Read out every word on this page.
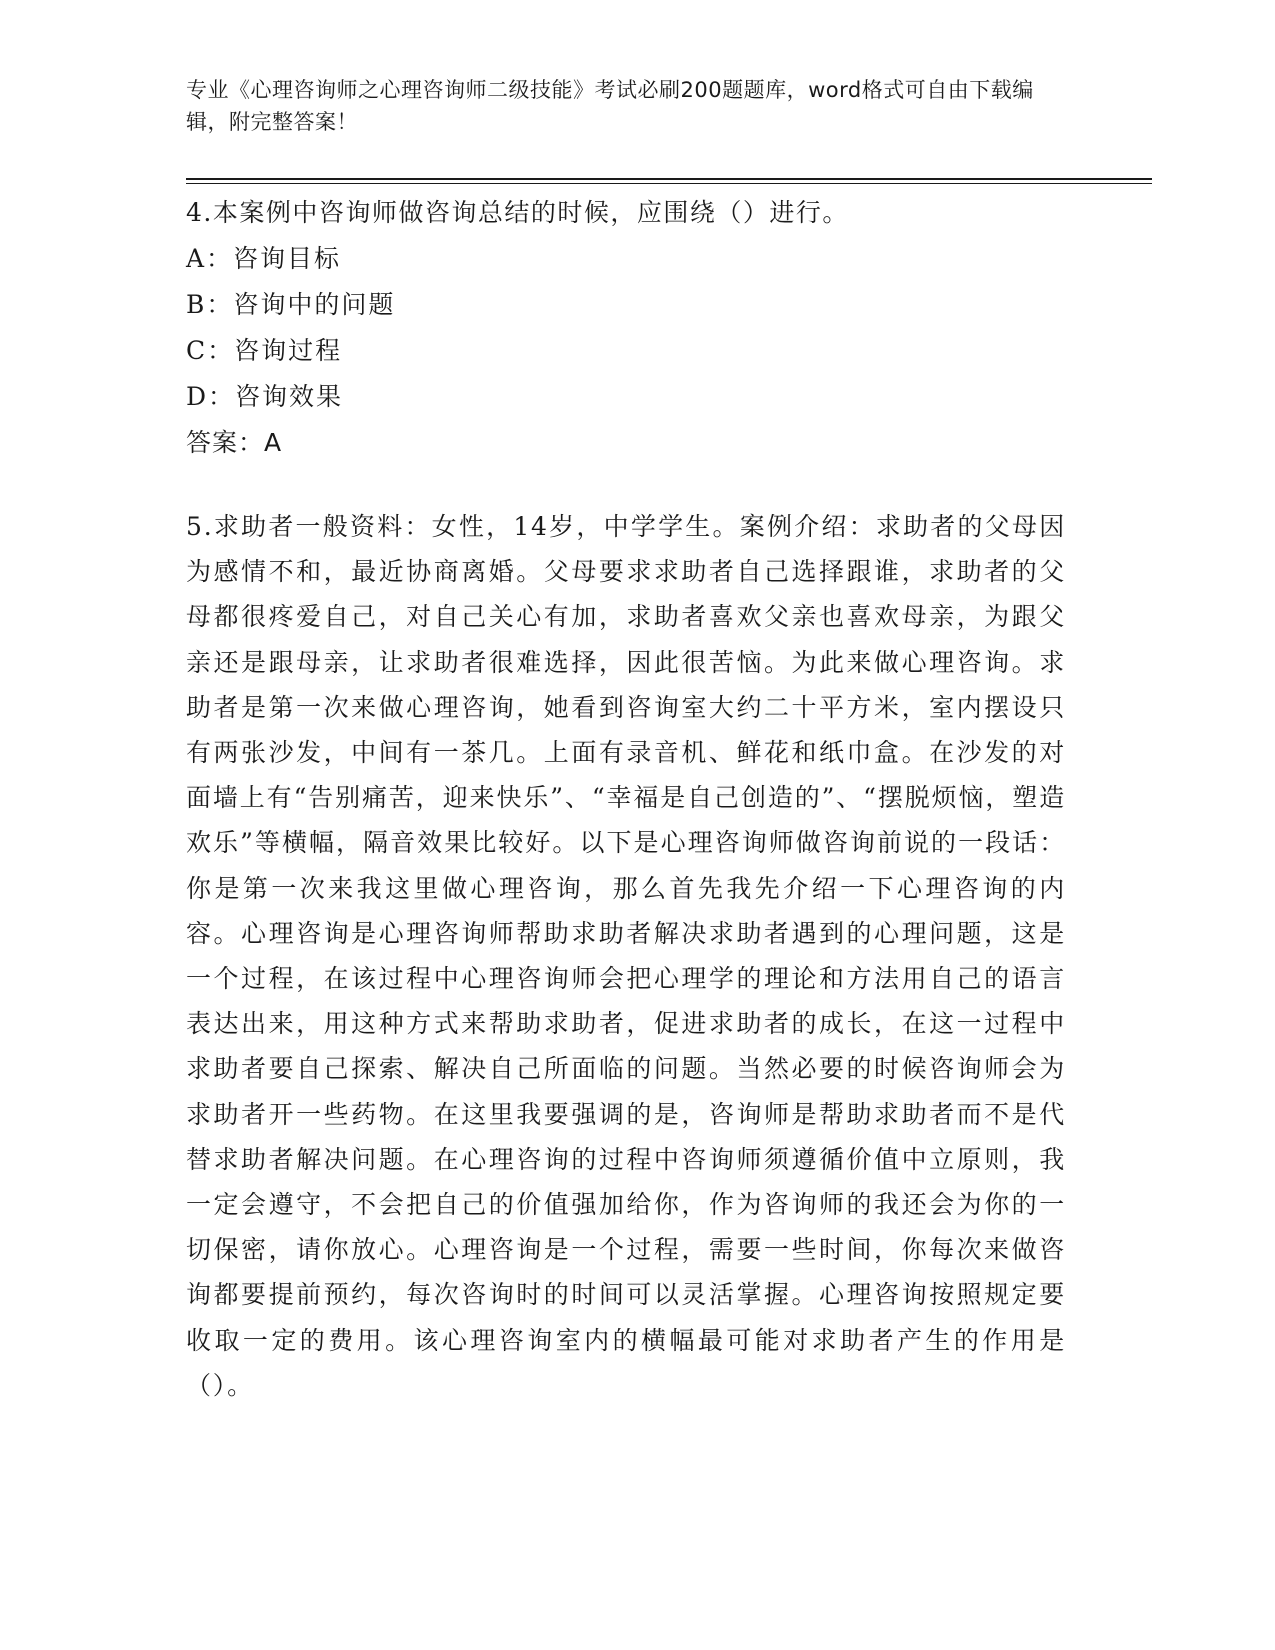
专业《心理咨询师之心理咨询师二级技能》考试必刷200题题库，word格式可自由下载编辑，附完整答案！

4.本案例中咨询师做咨询总结的时候，应围绕（）进行。

A：咨询目标
B：咨询中的问题
C：咨询过程
D：咨询效果
答案：A

5.求助者一般资料：女性，14岁，中学学生。案例介绍：求助者的父母因为感情不和，最近协商离婚。父母要求求助者自己选择跟谁，求助者的父母都很疼爱自己，对自己关心有加，求助者喜欢父亲也喜欢母亲，为跟父亲还是跟母亲，让求助者很难选择，因此很苦恼。为此来做心理咨询。求助者是第一次来做心理咨询，她看到咨询室大约二十平方米，室内摆设只有两张沙发，中间有一茶几。上面有录音机、鲜花和纸巾盒。在沙发的对面墙上有“告别痛苦，迎来快乐”、“幸福是自己创造的”、“摆脱烦恼，塑造欢乐”等横幅，隔音效果比较好。以下是心理咨询师做咨询前说的一段话：你是第一次来我这里做心理咨询，那么首先我先介绍一下心理咨询的内容。心理咨询是心理咨询师帮助求助者解决求助者遇到的心理问题，这是一个过程，在该过程中心理咨询师会把心理学的理论和方法用自己的语言表达出来，用这种方式来帮助求助者，促进求助者的成长，在这一过程中求助者要自己探索、解决自己所面临的问题。当然必要的时候咨询师会为求助者开一些药物。在这里我要强调的是，咨询师是帮助求助者而不是代替求助者解决问题。在心理咨询的过程中咨询师须遵循价值中立原则，我一定会遵守，不会把自己的价值强加给你，作为咨询师的我还会为你的一切保密，请你放心。心理咨询是一个过程，需要一些时间，你每次来做咨询都要提前预约，每次咨询时的时间可以灵活掌握。心理咨询按照规定要收取一定的费用。该心理咨询室内的横幅最可能对求助者产生的作用是（）。
